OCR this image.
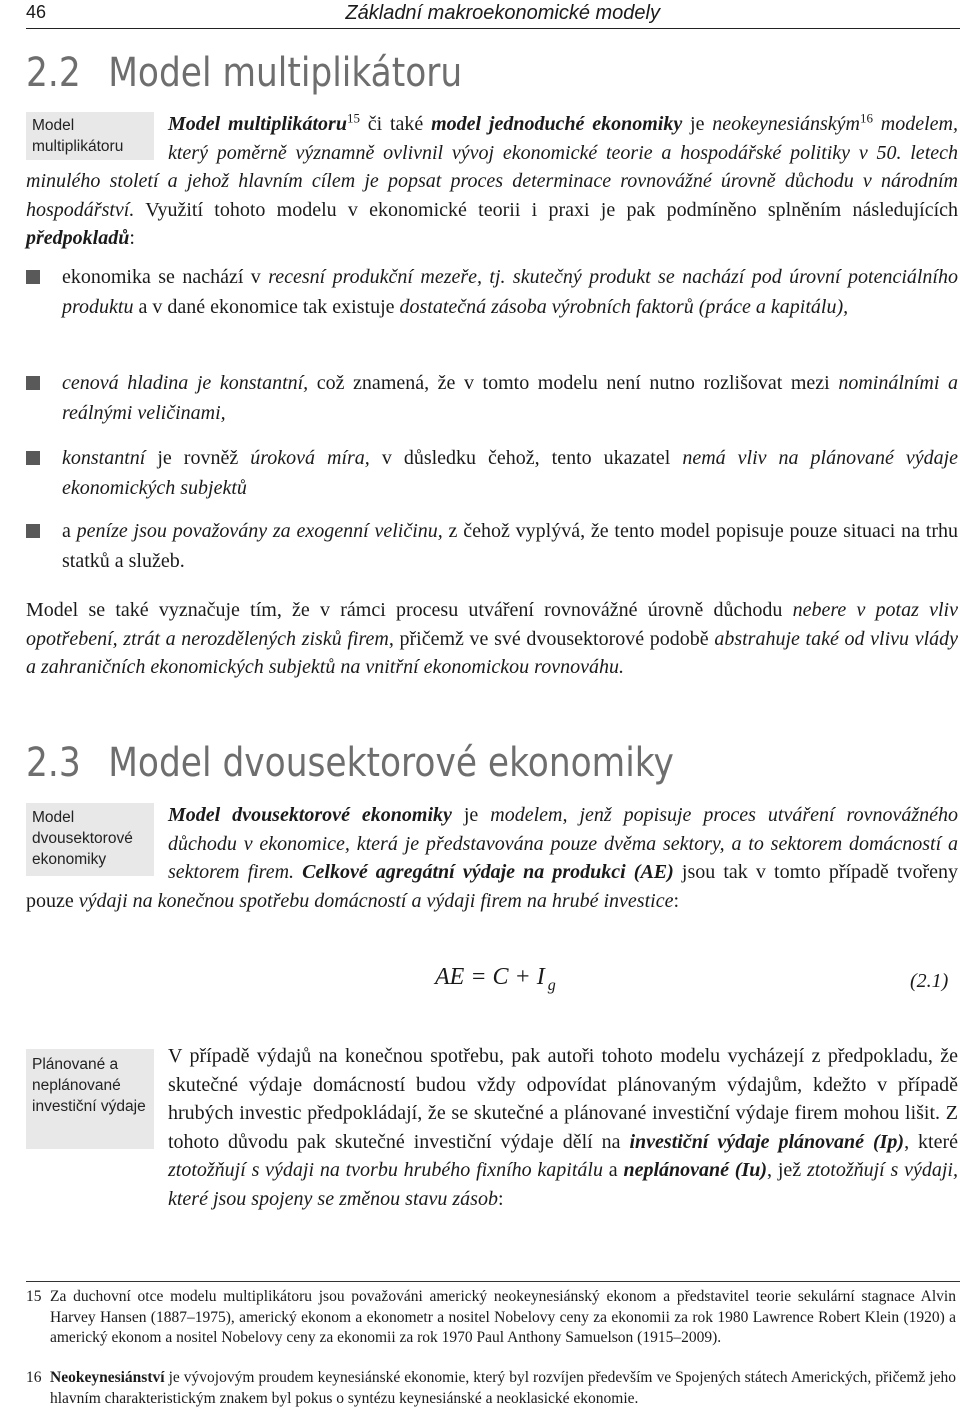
46	Základní makroekonomické modely
2.2 Model multiplikátoru
Model multiplikátoru
Model multiplikátoru$^{15}$ či také model jednoduché ekonomiky je neokeynesiánským$^{16}$ modelem, který poměrně významně ovlivnil vývoj ekonomické teorie a hospodářské politiky v 50. letech minulého století a jehož hlavním cílem je popsat proces determinace rovnovážné úrovně důchodu v národním hospodářství. Využití tohoto modelu v ekonomické teorii i praxi je pak podmíněno splněním následujících předpokladů:
ekonomika se nachází v recesní produkční mezeře, tj. skutečný produkt se nachází pod úrovní potenciálního produktu a v dané ekonomice tak existuje dostatečná zásoba výrobních faktorů (práce a kapitálu),
cenová hladina je konstantní, což znamená, že v tomto modelu není nutno rozlišovat mezi nominálními a reálnými veličinami,
konstantní je rovněž úroková míra, v důsledku čehož, tento ukazatel nemá vliv na plánované výdaje ekonomických subjektů
a peníze jsou považovány za exogenní veličinu, z čehož vyplývá, že tento model popisuje pouze situaci na trhu statků a služeb.
Model se také vyznačuje tím, že v rámci procesu utváření rovnovážné úrovně důchodu nebere v potaz vliv opotřebení, ztrát a nerozdělených zisků firem, přičemž ve své dvousektorové podobě abstrahuje také od vlivu vlády a zahraničních ekonomických subjektů na vnitřní ekonomickou rovnováhu.
2.3 Model dvousektorové ekonomiky
Model dvousektorové ekonomiky
Model dvousektorové ekonomiky je modelem, jenž popisuje proces utváření rovnovážného důchodu v ekonomice, která je představována pouze dvěma sektory, a to sektorem domácností a sektorem firem. Celkové agregátní výdaje na produkci (AE) jsou tak v tomto případě tvořeny pouze výdaji na konečnou spotřebu domácností a výdaji firem na hrubé investice:
AE = C + I $_g$	(2.1)
Plánované a neplánované investiční výdaje
V případě výdajů na konečnou spotřebu, pak autoři tohoto modelu vycházejí z předpokladu, že skutečné výdaje domácností budou vždy odpovídat plánovaným výdajům, kdežto v případě hrubých investic předpokládají, že se skutečné a plánované investiční výdaje firem mohou lišit. Z tohoto důvodu pak skutečné investiční výdaje dělí na investiční výdaje plánované (Ip), které ztotožňují s výdaji na tvorbu hrubého fixního kapitálu a neplánované (Iu), jež ztotožňují s výdaji, které jsou spojeny se změnou stavu zásob:
15 Za duchovní otce modelu multiplikátoru jsou považováni americký neokeynesiánský ekonom a představitel teorie sekulární stagnace Alvin Harvey Hansen (1887–1975), americký ekonom a ekonometr a nositel Nobelovy ceny za ekonomii za rok 1980 Lawrence Robert Klein (1920) a americký ekonom a nositel Nobelovy ceny za ekonomii za rok 1970 Paul Anthony Samuelson (1915–2009).
16 Neokeynesiánství je vývojovým proudem keynesiánské ekonomie, který byl rozvíjen především ve Spojených státech Amerických, přičemž jeho hlavním charakteristickým znakem byl pokus o syntézu keynesiánské a neoklasické ekonomie.
